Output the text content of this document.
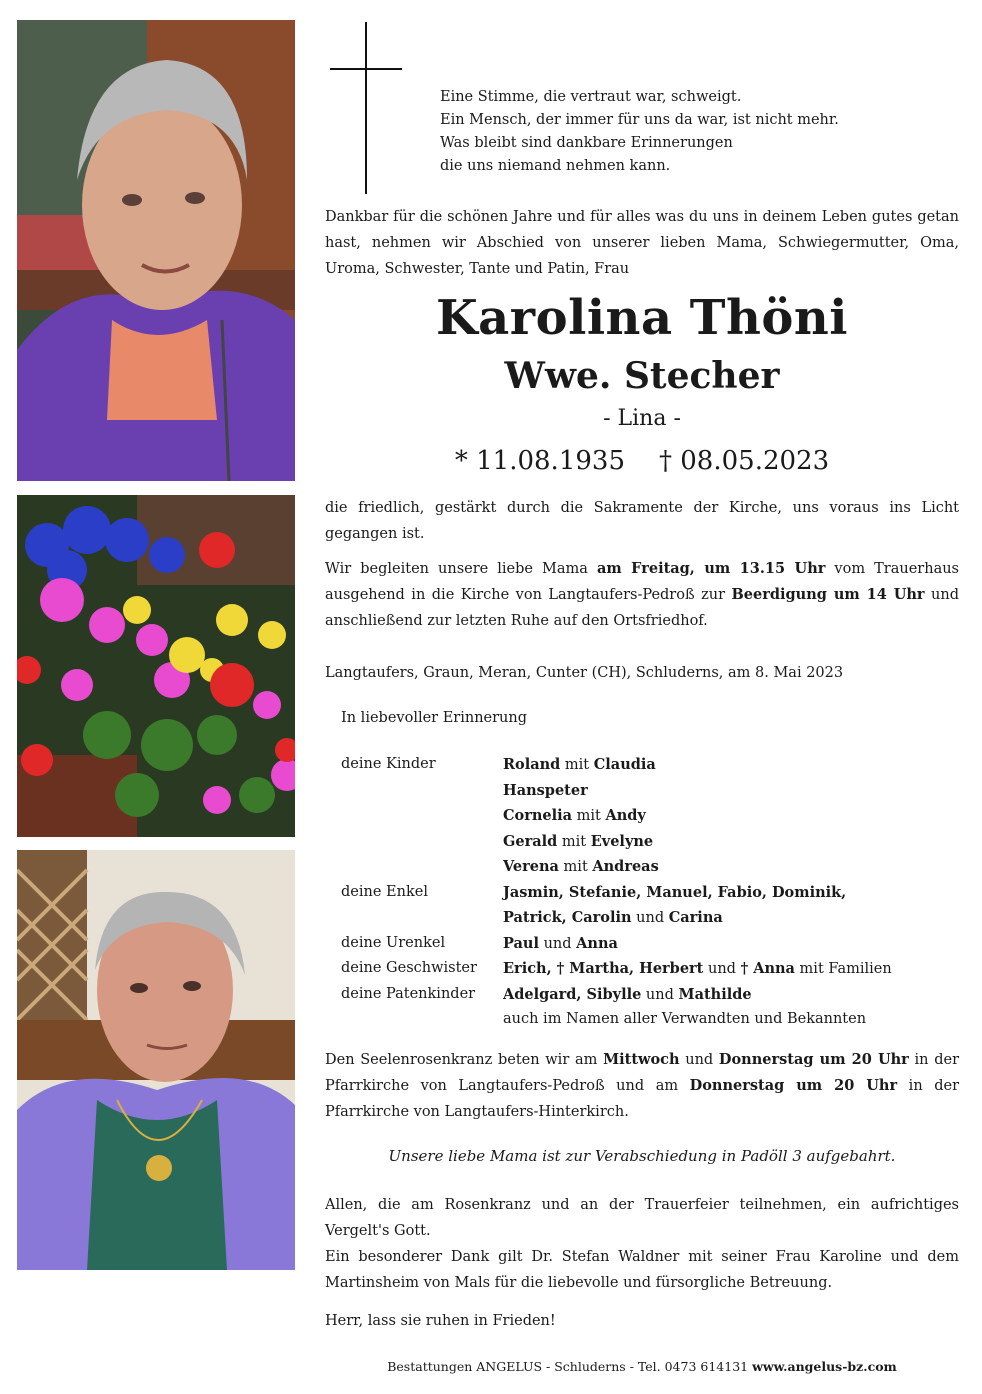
Eine Stimme, die vertraut war, schweigt.
Ein Mensch, der immer für uns da war, ist nicht mehr.
Was bleibt sind dankbare Erinnerungen
die uns niemand nehmen kann.
Dankbar für die schönen Jahre und für alles was du uns in deinem Leben gutes getan hast, nehmen wir Abschied von unserer lieben Mama, Schwiegermutter, Oma, Uroma, Schwester, Tante und Patin, Frau
Karolina Thöni
Wwe. Stecher
- Lina -
* 11.08.1935 † 08.05.2023
die friedlich, gestärkt durch die Sakramente der Kirche, uns voraus ins Licht gegangen ist.
Wir begleiten unsere liebe Mama am Freitag, um 13.15 Uhr vom Trauerhaus ausgehend in die Kirche von Langtaufers-Pedroß zur Beerdigung um 14 Uhr und anschließend zur letzten Ruhe auf den Ortsfriedhof.
Langtaufers, Graun, Meran, Cunter (CH), Schluderns, am 8. Mai 2023
In liebevoller Erinnerung
deine Kinder	Roland mit Claudia
Hanspeter
Cornelia mit Andy
Gerald mit Evelyne
Verena mit Andreas
deine Enkel	Jasmin, Stefanie, Manuel, Fabio, Dominik,
Patrick, Carolin und Carina
deine Urenkel	Paul und Anna
deine Geschwister Erich, † Martha, Herbert und † Anna mit Familien
deine Patenkinder Adelgard, Sibylle und Mathilde
auch im Namen aller Verwandten und Bekannten
Den Seelenrosenkranz beten wir am Mittwoch und Donnerstag um 20 Uhr in der Pfarrkirche von Langtaufers-Pedroß und am Donnerstag um 20 Uhr in der Pfarrkirche von Langtaufers-Hinterkirch.
Unsere liebe Mama ist zur Verabschiedung in Padöll 3 aufgebahrt.
Allen, die am Rosenkranz und an der Trauerfeier teilnehmen, ein aufrichtiges Vergelt's Gott.
Ein besonderer Dank gilt Dr. Stefan Waldner mit seiner Frau Karoline und dem Martinsheim von Mals für die liebevolle und fürsorgliche Betreuung.
Herr, lass sie ruhen in Frieden!
Bestattungen ANGELUS - Schluderns - Tel. 0473 614131 www.angelus-bz.com
